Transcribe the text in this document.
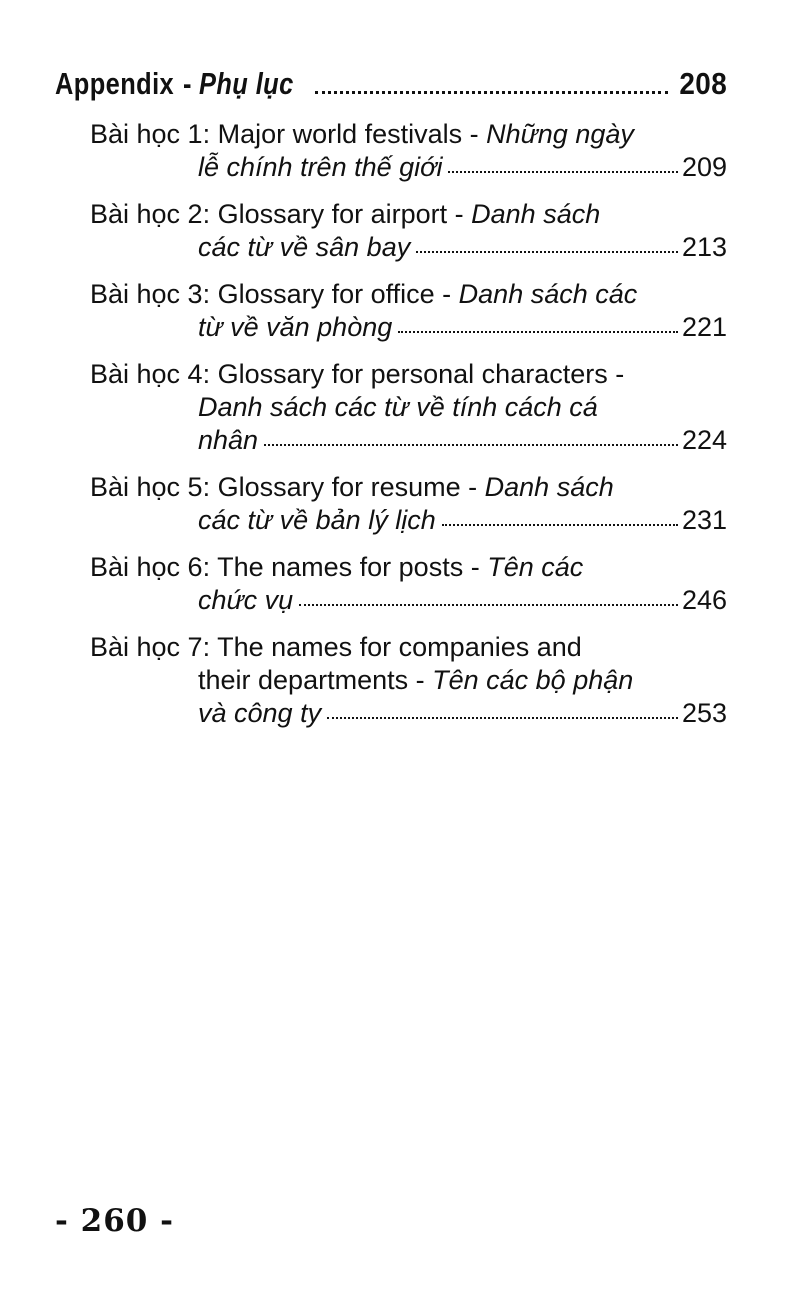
Appendix - Phụ lục	208
Bài học 1: Major world festivals -
Những ngày
lễ chính trên thế giới	209
Bài học 2: Glossary for airport -
Danh sách
các từ về sân bay	213
Bài học 3: Glossary for office -
Danh sách các
từ về văn phòng	221
Bài học 4: Glossary for personal characters -
Danh sách các từ về tính cách cá
nhân	224
Bài học 5: Glossary for resume -
Danh sách
các từ về bản lý lịch	231
Bài học 6: The names for posts -
Tên các
chức vụ	246
Bài học 7: The names for companies and
their departments -
Tên các bộ phận
và công ty	253
- 260 -
